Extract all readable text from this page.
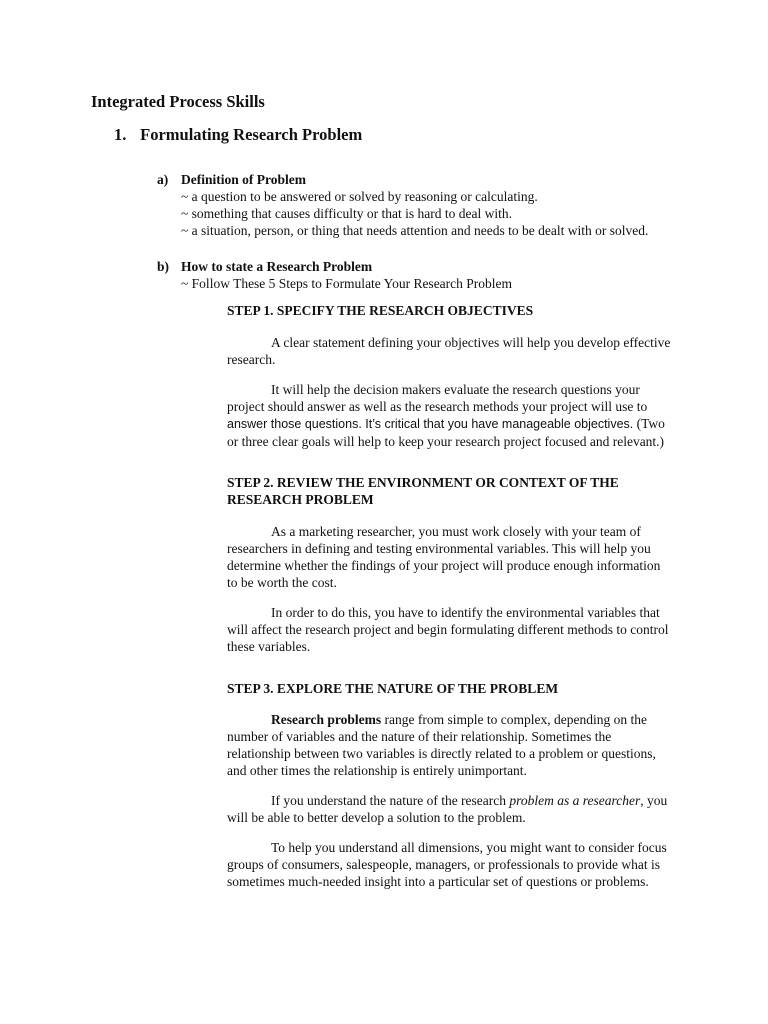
Integrated Process Skills
1. Formulating Research Problem
a) Definition of Problem
~ a question to be answered or solved by reasoning or calculating.
~ something that causes difficulty or that is hard to deal with.
~ a situation, person, or thing that needs attention and needs to be dealt with or solved.
b) How to state a Research Problem
~ Follow These 5 Steps to Formulate Your Research Problem
STEP 1. SPECIFY THE RESEARCH OBJECTIVES

A clear statement defining your objectives will help you develop effective research.

It will help the decision makers evaluate the research questions your project should answer as well as the research methods your project will use to answer those questions. It’s critical that you have manageable objectives. (Two or three clear goals will help to keep your research project focused and relevant.)

STEP 2. REVIEW THE ENVIRONMENT OR CONTEXT OF THE
RESEARCH PROBLEM

As a marketing researcher, you must work closely with your team of researchers in defining and testing environmental variables. This will help you determine whether the findings of your project will produce enough information to be worth the cost.

In order to do this, you have to identify the environmental variables that will affect the research project and begin formulating different methods to control these variables.

STEP 3. EXPLORE THE NATURE OF THE PROBLEM

Research problems range from simple to complex, depending on the number of variables and the nature of their relationship. Sometimes the relationship between two variables is directly related to a problem or questions, and other times the relationship is entirely unimportant.

If you understand the nature of the research problem as a researcher, you will be able to better develop a solution to the problem.

To help you understand all dimensions, you might want to consider focus groups of consumers, salespeople, managers, or professionals to provide what is sometimes much-needed insight into a particular set of questions or problems.
